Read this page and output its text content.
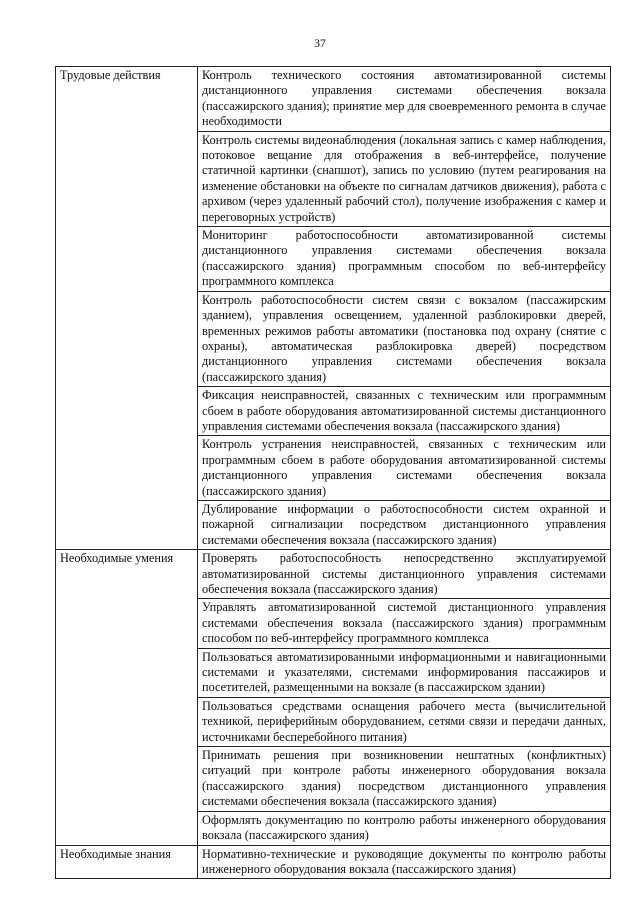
37
Трудовые действия	Контроль технического состояния автоматизированной системы дистанционного управления системами обеспечения вокзала (пассажирского здания); принятие мер для своевременного ремонта в случае необходимости
	Контроль системы видеонаблюдения (локальная запись с камер наблюдения, потоковое вещание для отображения в веб-интерфейсе, получение статичной картинки (снапшот), запись по условию (путем реагирования на изменение обстановки на объекте по сигналам датчиков движения), работа с архивом (через удаленный рабочий стол), получение изображения с камер и переговорных устройств)
	Мониторинг работоспособности автоматизированной системы дистанционного управления системами обеспечения вокзала (пассажирского здания) программным способом по веб-интерфейсу программного комплекса
	Контроль работоспособности систем связи с вокзалом (пассажирским зданием), управления освещением, удаленной разблокировки дверей, временных режимов работы автоматики (постановка под охрану (снятие с охраны), автоматическая разблокировка дверей) посредством дистанционного управления системами обеспечения вокзала (пассажирского здания)
	Фиксация неисправностей, связанных с техническим или программным сбоем в работе оборудования автоматизированной системы дистанционного управления системами обеспечения вокзала (пассажирского здания)
	Контроль устранения неисправностей, связанных с техническим или программным сбоем в работе оборудования автоматизированной системы дистанционного управления системами обеспечения вокзала (пассажирского здания)
	Дублирование информации о работоспособности систем охранной и пожарной сигнализации посредством дистанционного управления системами обеспечения вокзала (пассажирского здания)
Необходимые умения	Проверять работоспособность непосредственно эксплуатируемой автоматизированной системы дистанционного управления системами обеспечения вокзала (пассажирского здания)
	Управлять автоматизированной системой дистанционного управления системами обеспечения вокзала (пассажирского здания) программным способом по веб-интерфейсу программного комплекса
	Пользоваться автоматизированными информационными и навигационными системами и указателями, системами информирования пассажиров и посетителей, размещенными на вокзале (в пассажирском здании)
	Пользоваться средствами оснащения рабочего места (вычислительной техникой, периферийным оборудованием, сетями связи и передачи данных, источниками бесперебойного питания)
	Принимать решения при возникновении нештатных (конфликтных) ситуаций при контроле работы инженерного оборудования вокзала (пассажирского здания) посредством дистанционного управления системами обеспечения вокзала (пассажирского здания)
	Оформлять документацию по контролю работы инженерного оборудования вокзала (пассажирского здания)
Необходимые знания	Нормативно-технические и руководящие документы по контролю работы инженерного оборудования вокзала (пассажирского здания)
